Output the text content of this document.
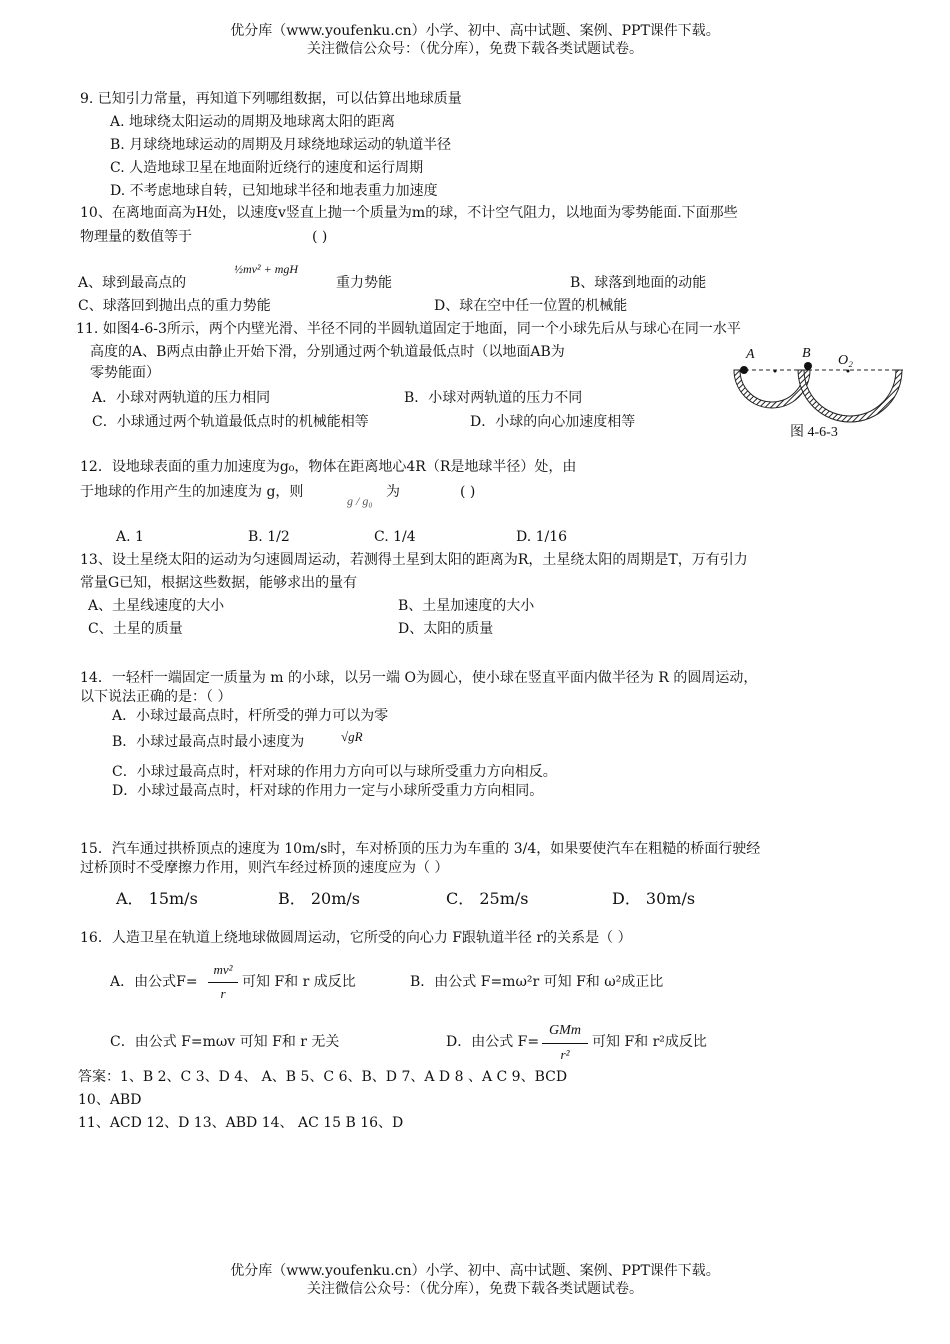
优分库（www.youfenku.cn）小学、初中、高中试题、案例、PPT课件下载。
关注微信公众号：（优分库），免费下载各类试题试卷。
9. 已知引力常量，再知道下列哪组数据，可以估算出地球质量
A. 地球绕太阳运动的周期及地球离太阳的距离
B. 月球绕地球运动的周期及月球绕地球运动的轨道半径
C. 人造地球卫星在地面附近绕行的速度和运行周期
D. 不考虑地球自转，已知地球半径和地表重力加速度
10、在离地面高为H处，以速度v竖直上抛一个质量为m的球，不计空气阻力，以地面为零势能面.下面那些
物理量的数值等于	( )
½mv² + mgH
A、球到最高点的	重力势能	B、球落到地面的动能
C、球落回到抛出点的重力势能	D、球在空中任一位置的机械能
11. 如图4-6-3所示，两个内壁光滑、半径不同的半圆轨道固定于地面，同一个小球先后从与球心在同一水平
高度的A、B两点由静止开始下滑，分别通过两个轨道最低点时（以地面AB为
零势能面）
A．小球对两轨道的压力相同	B．小球对两轨道的压力不同
C．小球通过两个轨道最低点时的机械能相等	D．小球的向心加速度相等
A	B O₂
图 4-6-3
12．设地球表面的重力加速度为g₀，物体在距离地心4R（R是地球半径）处，由
于地球的作用产生的加速度为 g，则
g / g₀
为	( )
A. 1	B. 1/2	C. 1/4	D. 1/16
13、设土星绕太阳的运动为匀速圆周运动，若测得土星到太阳的距离为R，土星绕太阳的周期是T，万有引力
常量G已知，根据这些数据，能够求出的量有
A、土星线速度的大小	B、土星加速度的大小
C、土星的质量	D、太阳的质量
14．一轻杆一端固定一质量为 m 的小球，以另一端 O为圆心，使小球在竖直平面内做半径为 R 的圆周运动，
以下说法正确的是：（ ）
A．小球过最高点时，杆所受的弹力可以为零
B．小球过最高点时最小速度为	√gR
C．小球过最高点时，杆对球的作用力方向可以与球所受重力方向相反。
D．小球过最高点时，杆对球的作用力一定与小球所受重力方向相同。
15．汽车通过拱桥顶点的速度为 10m/s时，车对桥顶的压力为车重的 3/4，如果要使汽车在粗糙的桥面行驶经
过桥顶时不受摩擦力作用，则汽车经过桥顶的速度应为（ ）
A． 15m/s	B． 20m/s	C． 25m/s	D． 30m/s
16．人造卫星在轨道上绕地球做圆周运动，它所受的向心力 F跟轨道半径 r的关系是（ ）
A．由公式F=
mv²
r
可知 F和 r 成反比	B．由公式 F=mω²r 可知 F和 ω²成正比
C．由公式 F=mωv 可知 F和 r 无关	D．由公式 F=
GMm
r²
可知 F和 r²成反比
答案：1、B 2、C 3、D 4、 A、B 5、C 6、B、D 7、A D 8 、A C 9、BCD
10、ABD
11、ACD 12、D 13、ABD 14、 AC 15 B 16、D
优分库（www.youfenku.cn）小学、初中、高中试题、案例、PPT课件下载。
关注微信公众号：（优分库），免费下载各类试题试卷。
